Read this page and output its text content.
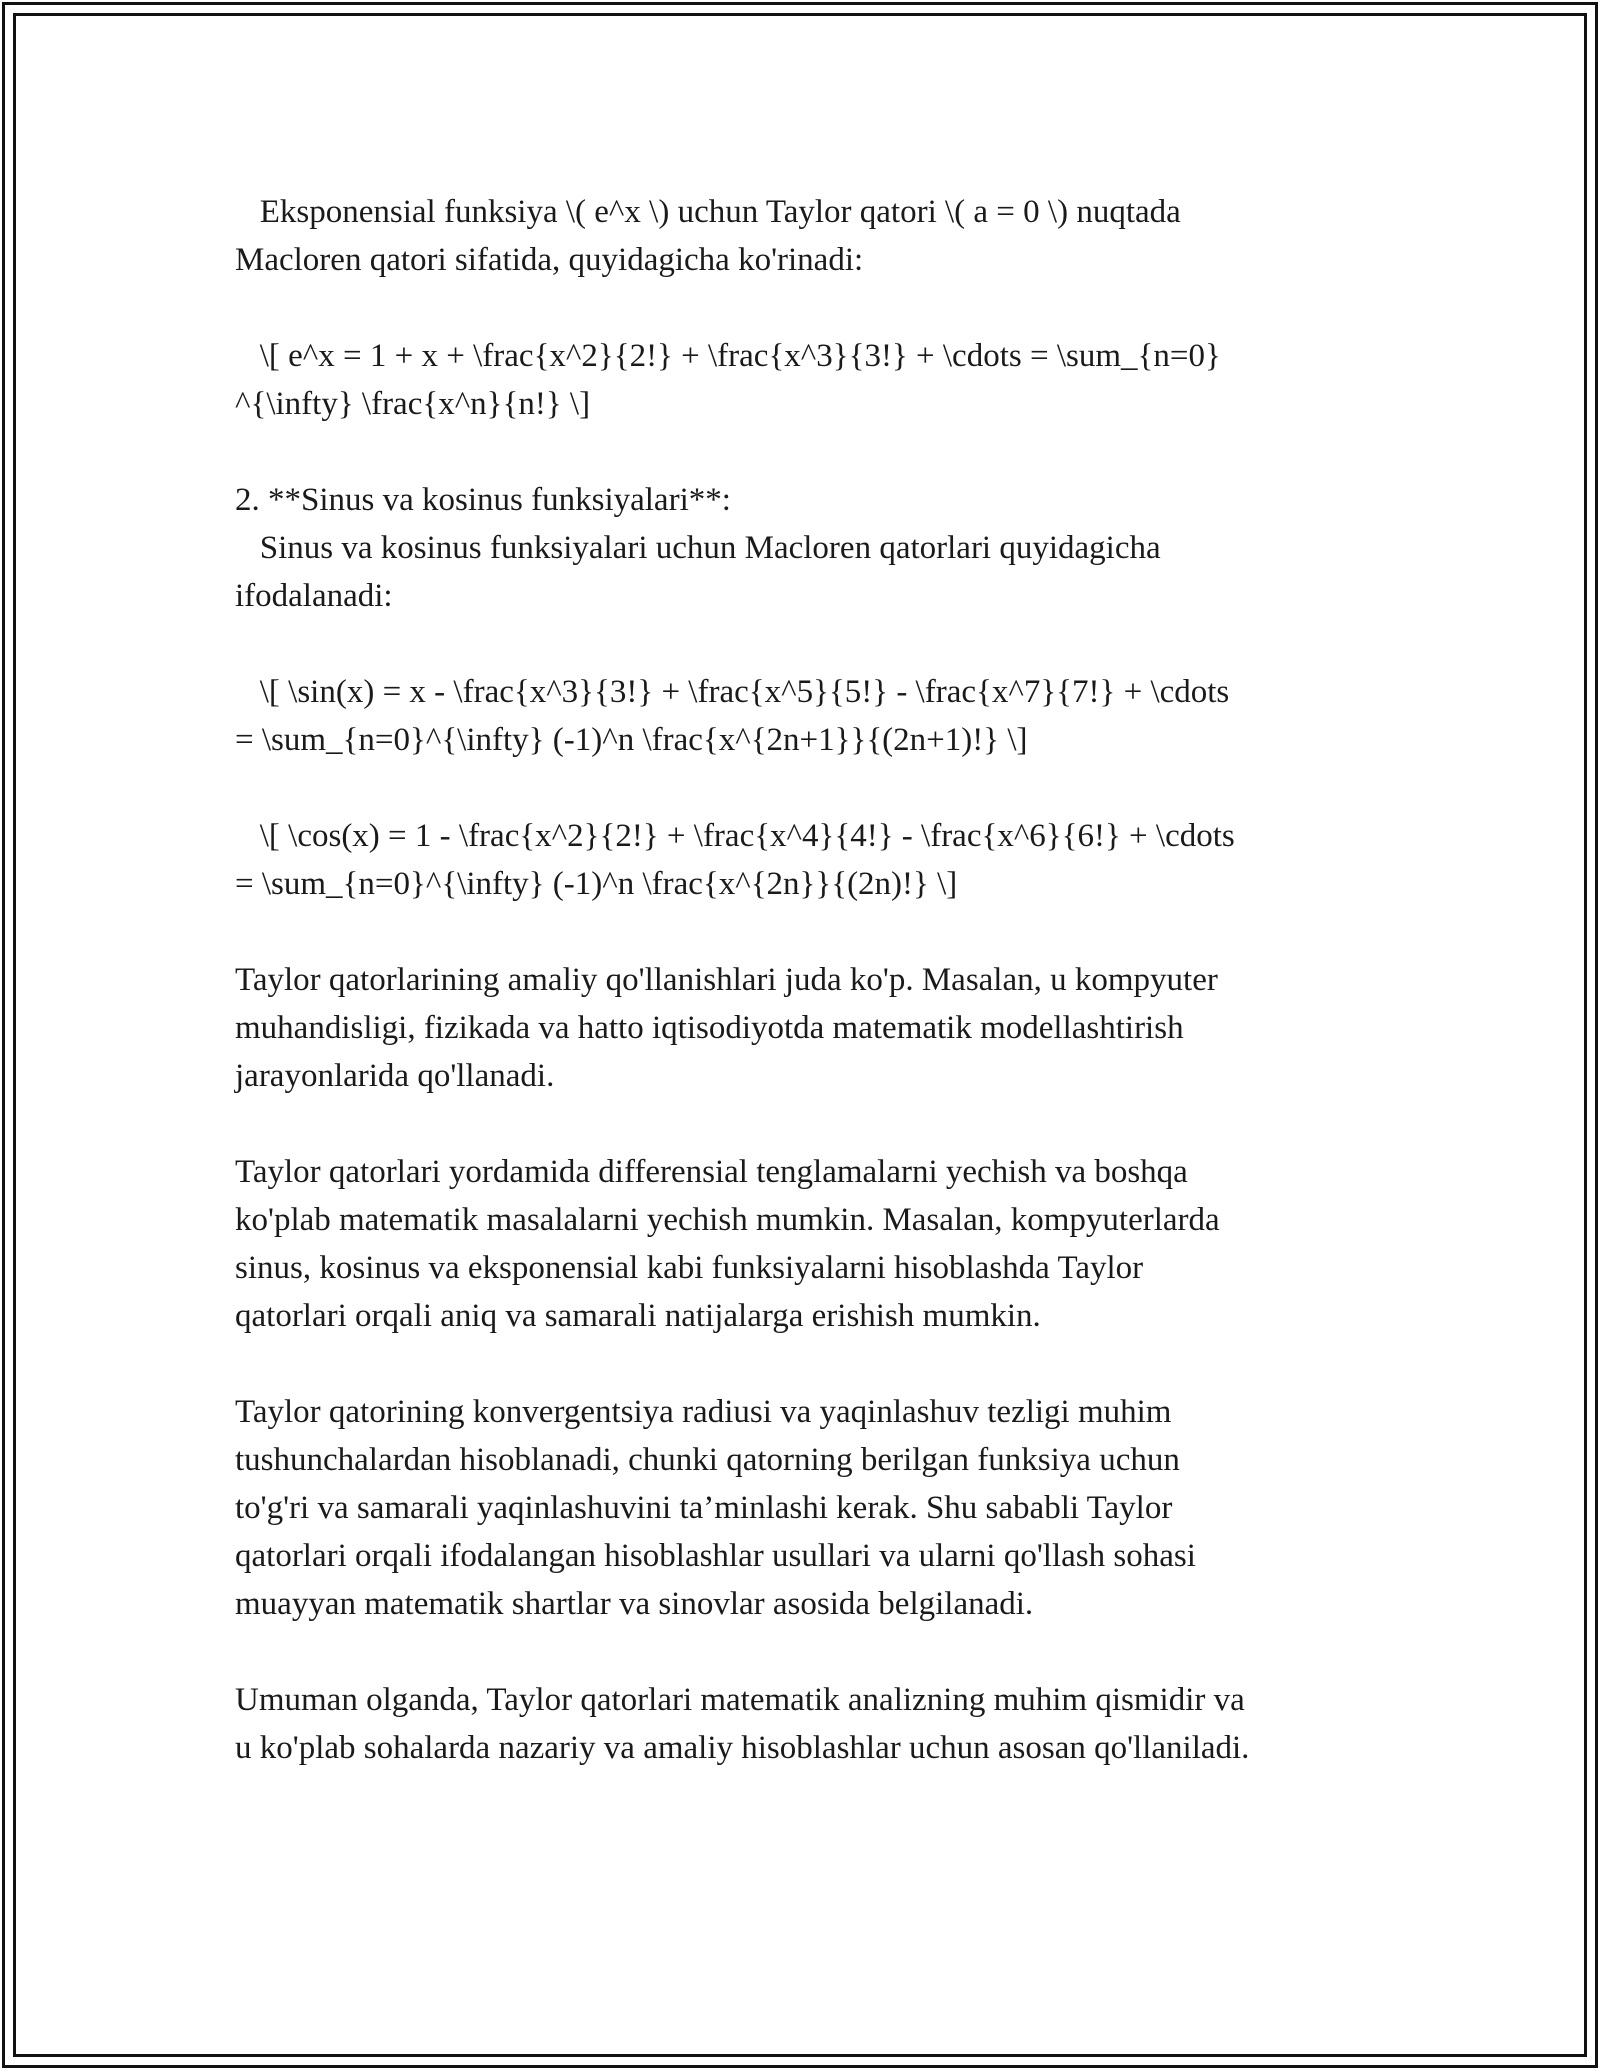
Eksponensial funksiya \( e^x \) uchun Taylor qatori \( a = 0 \) nuqtada
Macloren qatori sifatida, quyidagicha ko'rinadi:
\[ e^x = 1 + x + \frac{x^2}{2!} + \frac{x^3}{3!} + \cdots = \sum_{n=0}
^{\infty} \frac{x^n}{n!} \]
2. **Sinus va kosinus funksiyalari**:
Sinus va kosinus funksiyalari uchun Macloren qatorlari quyidagicha
ifodalanadi:
\[ \sin(x) = x - \frac{x^3}{3!} + \frac{x^5}{5!} - \frac{x^7}{7!} + \cdots
= \sum_{n=0}^{\infty} (-1)^n \frac{x^{2n+1}}{(2n+1)!} \]
\[ \cos(x) = 1 - \frac{x^2}{2!} + \frac{x^4}{4!} - \frac{x^6}{6!} + \cdots
= \sum_{n=0}^{\infty} (-1)^n \frac{x^{2n}}{(2n)!} \]
Taylor qatorlarining amaliy qo'llanishlari juda ko'p. Masalan, u kompyuter
muhandisligi, fizikada va hatto iqtisodiyotda matematik modellashtirish
jarayonlarida qo'llanadi.
Taylor qatorlari yordamida differensial tenglamalarni yechish va boshqa
ko'plab matematik masalalarni yechish mumkin. Masalan, kompyuterlarda
sinus, kosinus va eksponensial kabi funksiyalarni hisoblashda Taylor
qatorlari orqali aniq va samarali natijalarga erishish mumkin.
Taylor qatorining konvergentsiya radiusi va yaqinlashuv tezligi muhim
tushunchalardan hisoblanadi, chunki qatorning berilgan funksiya uchun
to'g'ri va samarali yaqinlashuvini ta’minlashi kerak. Shu sababli Taylor
qatorlari orqali ifodalangan hisoblashlar usullari va ularni qo'llash sohasi
muayyan matematik shartlar va sinovlar asosida belgilanadi.
Umuman olganda, Taylor qatorlari matematik analizning muhim qismidir va
u ko'plab sohalarda nazariy va amaliy hisoblashlar uchun asosan qo'llaniladi.
